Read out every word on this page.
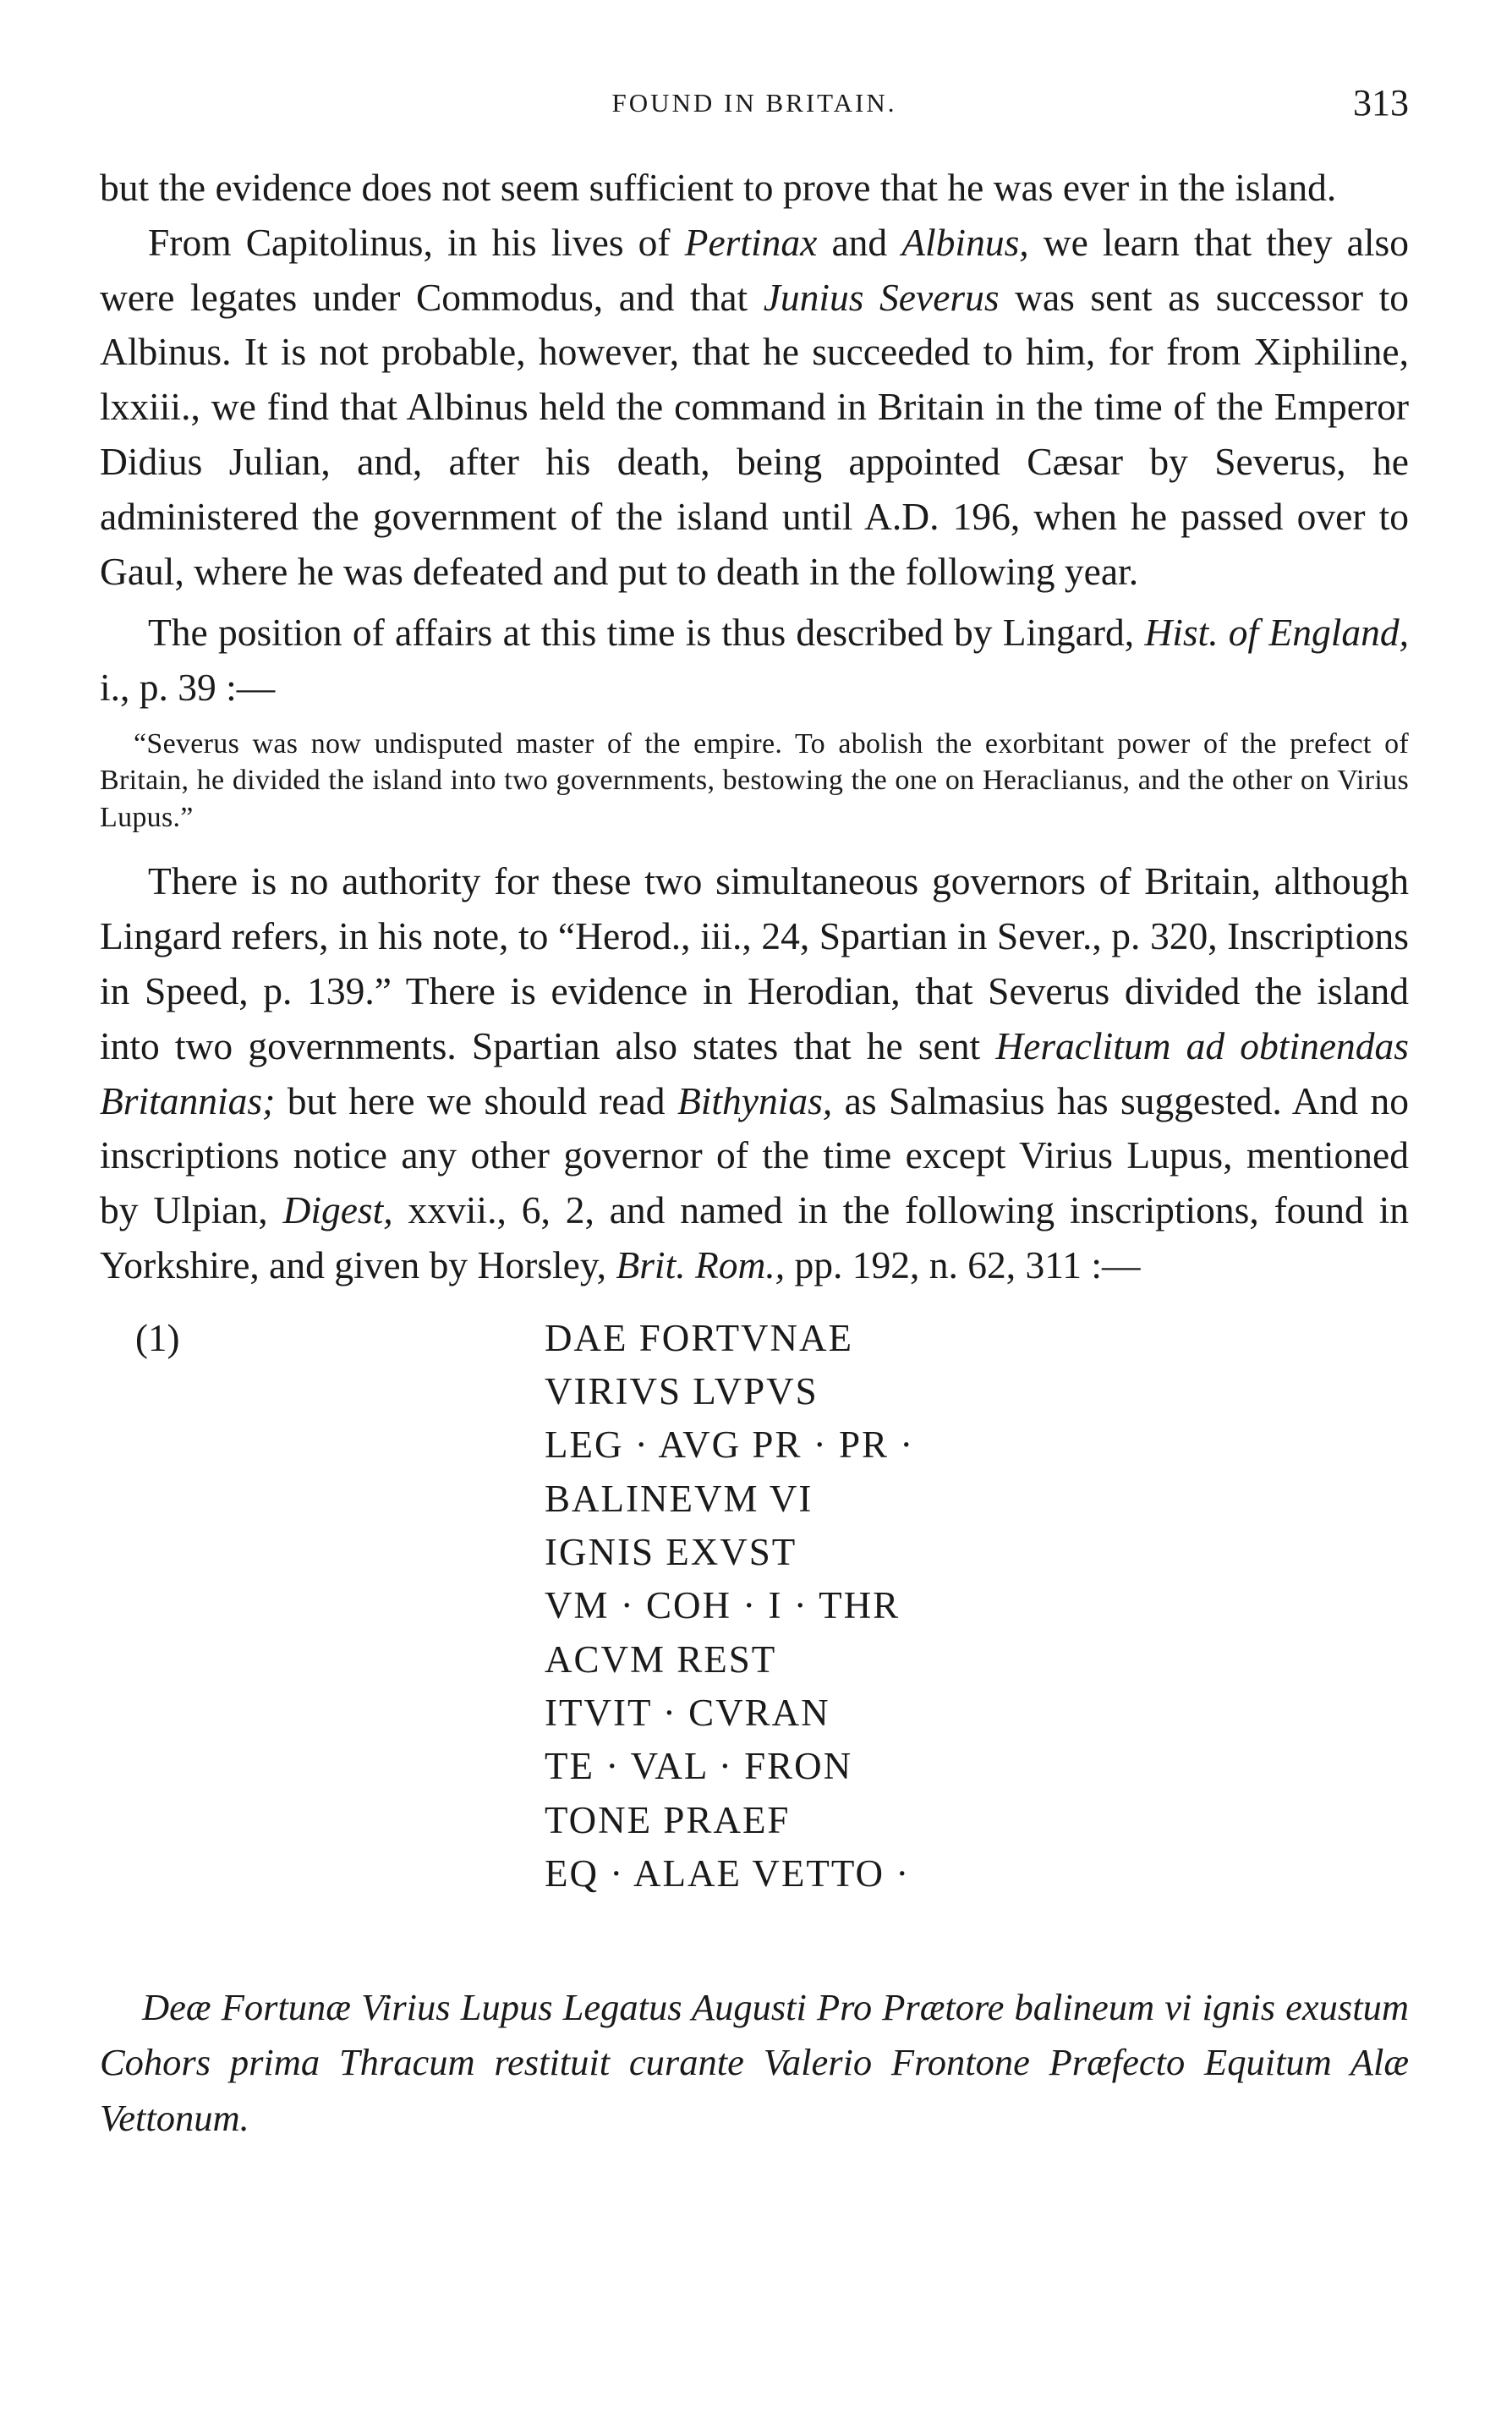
FOUND IN BRITAIN.	313

but the evidence does not seem sufficient to prove that he was ever in the island.

From Capitolinus, in his lives of Pertinax and Albinus, we learn that they also were legates under Commodus, and that Junius Severus was sent as successor to Albinus. It is not probable, however, that he succeeded to him, for from Xiphiline, lxxiii., we find that Albinus held the command in Britain in the time of the Emperor Didius Julian, and, after his death, being appointed Cæsar by Severus, he administered the government of the island until A.D. 196, when he passed over to Gaul, where he was defeated and put to death in the following year.

The position of affairs at this time is thus described by Lingard, Hist. of England, i., p. 39 :—

“Severus was now undisputed master of the empire. To abolish the exorbitant power of the prefect of Britain, he divided the island into two governments, bestowing the one on Heraclianus, and the other on Virius Lupus.”

There is no authority for these two simultaneous governors of Britain, although Lingard refers, in his note, to “Herod., iii., 24, Spartian in Sever., p. 320, Inscriptions in Speed, p. 139.” There is evidence in Herodian, that Severus divided the island into two governments. Spartian also states that he sent Heraclitum ad obtinendas Britannias; but here we should read Bithynias, as Salmasius has suggested. And no inscriptions notice any other governor of the time except Virius Lupus, mentioned by Ulpian, Digest, xxvii., 6, 2, and named in the following inscriptions, found in Yorkshire, and given by Horsley, Brit. Rom., pp. 192, n. 62, 311 :—

(1)	DAE FORTVNAE
VIRIVS LVPVS
LEG · AVG PR · PR ·
BALINEVM VI
IGNIS EXVST
VM · COH · I · THR
ACVM REST
ITVIT · CVRAN
TE · VAL · FRON
TONE PRAEF
EQ · ALAE VETTO ·

Deæ Fortunæ Virius Lupus Legatus Augusti Pro Prætore balineum vi ignis exustum Cohors prima Thracum restituit curante Valerio Frontone Præfecto Equitum Alæ Vettonum.
